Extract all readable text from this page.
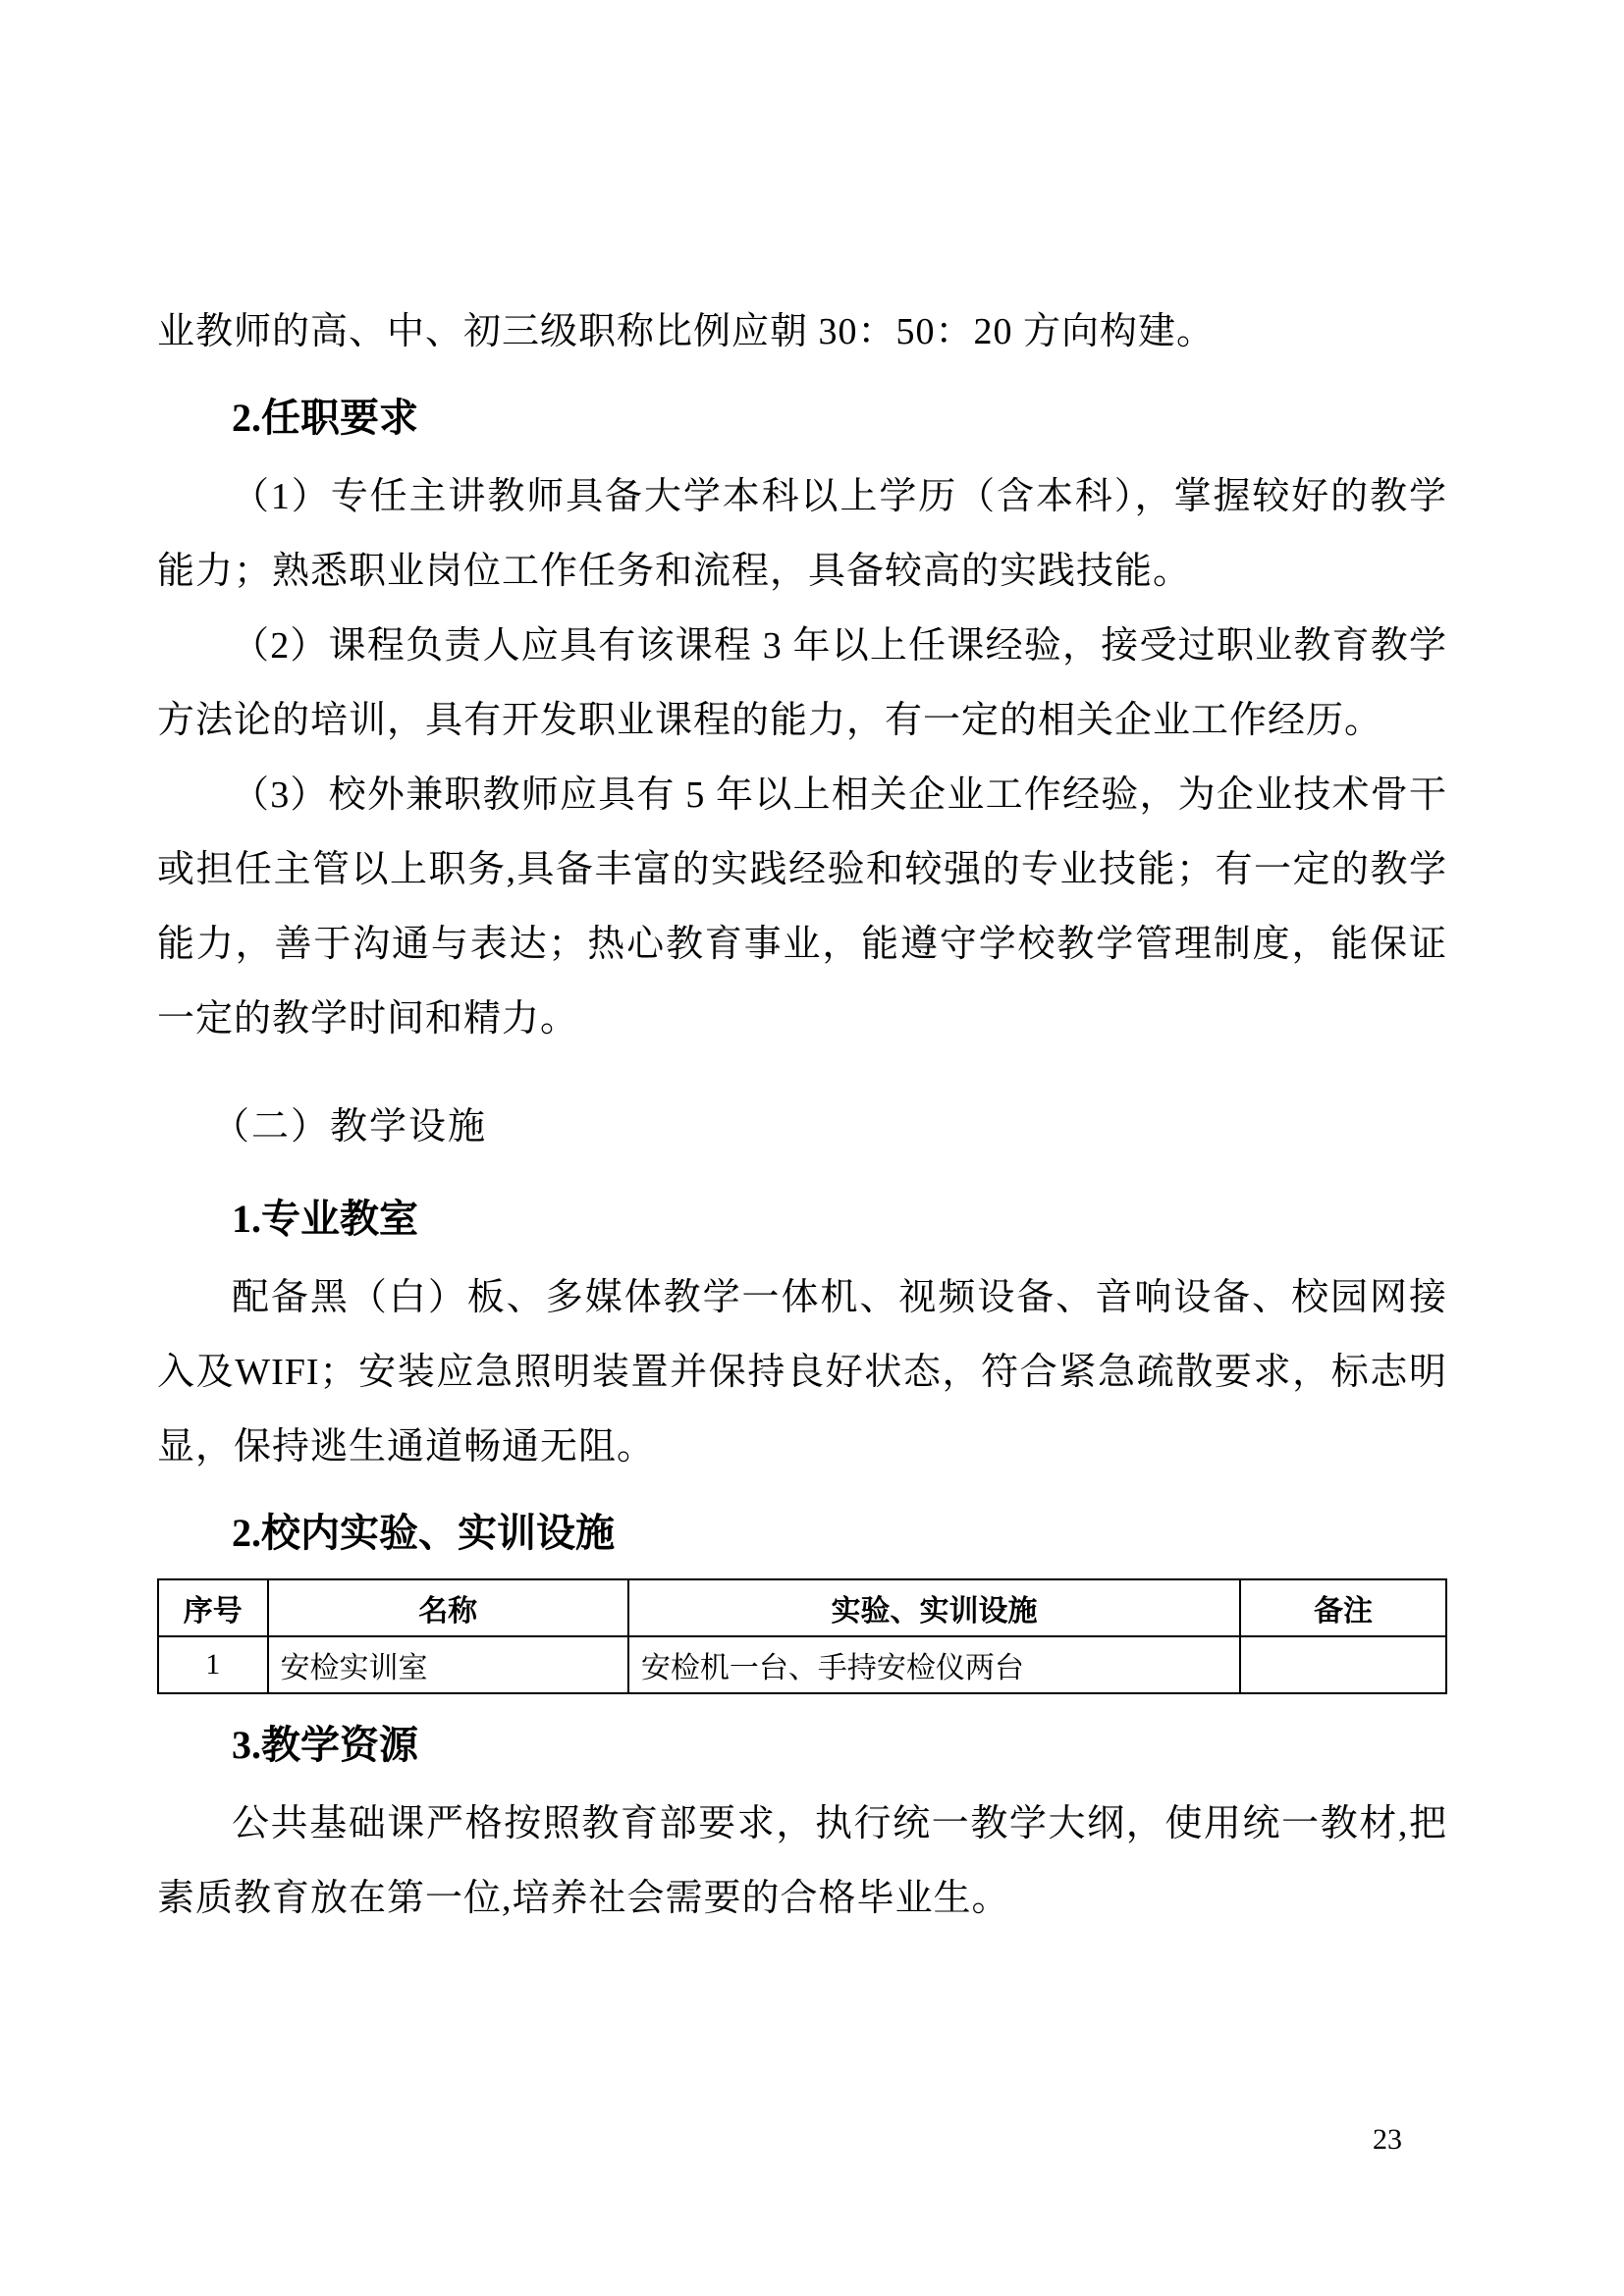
业教师的高、中、初三级职称比例应朝 30：50：20 方向构建。

2.任职要求

（1）专任主讲教师具备大学本科以上学历（含本科），掌握较好的教学能力；熟悉职业岗位工作任务和流程，具备较高的实践技能。

（2）课程负责人应具有该课程 3 年以上任课经验，接受过职业教育教学方法论的培训，具有开发职业课程的能力，有一定的相关企业工作经历。

（3）校外兼职教师应具有 5 年以上相关企业工作经验，为企业技术骨干或担任主管以上职务,具备丰富的实践经验和较强的专业技能；有一定的教学能力，善于沟通与表达；热心教育事业，能遵守学校教学管理制度，能保证一定的教学时间和精力。

（二）教学设施
1.专业教室

配备黑（白）板、多媒体教学一体机、视频设备、音响设备、校园网接入及WIFI；安装应急照明装置并保持良好状态，符合紧急疏散要求，标志明显，保持逃生通道畅通无阻。

2.校内实验、实训设施
序号	名称	实验、实训设施	备注
1	安检实训室	安检机一台、手持安检仪两台	
3.教学资源

公共基础课严格按照教育部要求，执行统一教学大纲，使用统一教材,把素质教育放在第一位,培养社会需要的合格毕业生。

23
